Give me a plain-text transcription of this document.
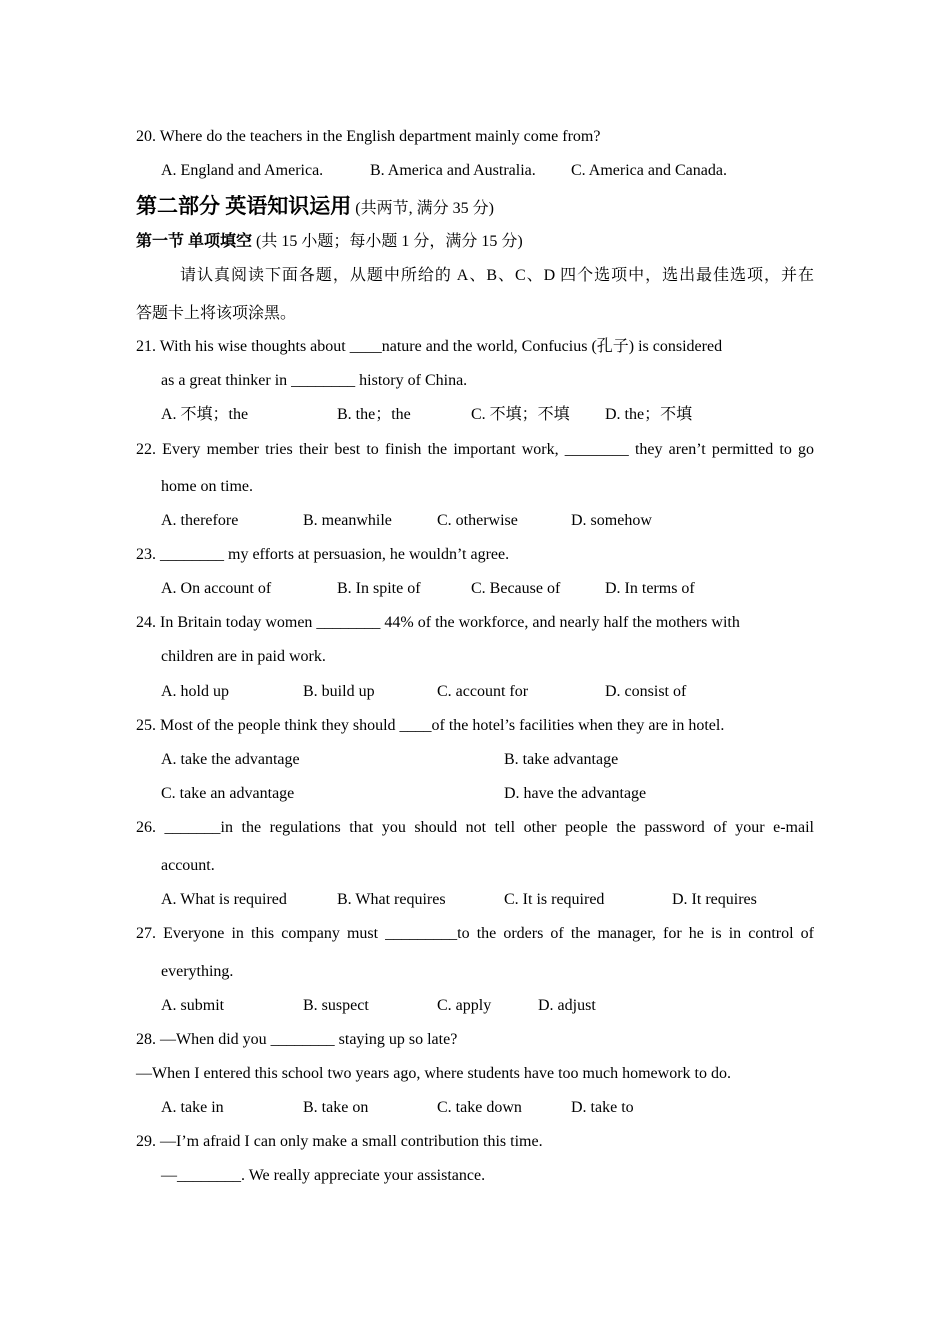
20. Where do the teachers in the English department mainly come from?
A. England and America.	B. America and Australia. C. America and Canada.
第二部分 英语知识运用 (共两节, 满分 35 分)
第一节 单项填空 (共 15 小题；每小题 1 分，满分 15 分)
请认真阅读下面各题，从题中所给的 A、B、C、D 四个选项中，选出最佳选项，并在
答题卡上将该项涂黑。
21. With his wise thoughts about ____nature and the world, Confucius (孔子) is considered
as a great thinker in ________ history of China.
A. 不填；the	B. the；the	C. 不填；不填 D. the；不填
22. Every member tries their best to finish the important work, ________ they aren’t permitted to go
home on time.
A. therefore	B. meanwhile	C. otherwise	D. somehow
23. ________ my efforts at persuasion, he wouldn’t agree.
A. On account of	B. In spite of	C. Because of	D. In terms of
24. In Britain today women ________ 44% of the workforce, and nearly half the mothers with
children are in paid work.
A. hold up	B. build up	C. account for	D. consist of
25. Most of the people think they should ____of the hotel’s facilities when they are in hotel.
A. take the advantage	B. take advantage
C. take an advantage	D. have the advantage
26. _______in the regulations that you should not tell other people the password of your e-mail
account.
A. What is required	B. What requires	C. It is required	D. It requires
27. Everyone in this company must _________to the orders of the manager, for he is in control of
everything.
A. submit	B. suspect	C. apply	D. adjust
28. —When did you ________ staying up so late?
—When I entered this school two years ago, where students have too much homework to do.
A. take in	B. take on	C. take down	D. take to
29. —I’m afraid I can only make a small contribution this time.
—________. We really appreciate your assistance.
